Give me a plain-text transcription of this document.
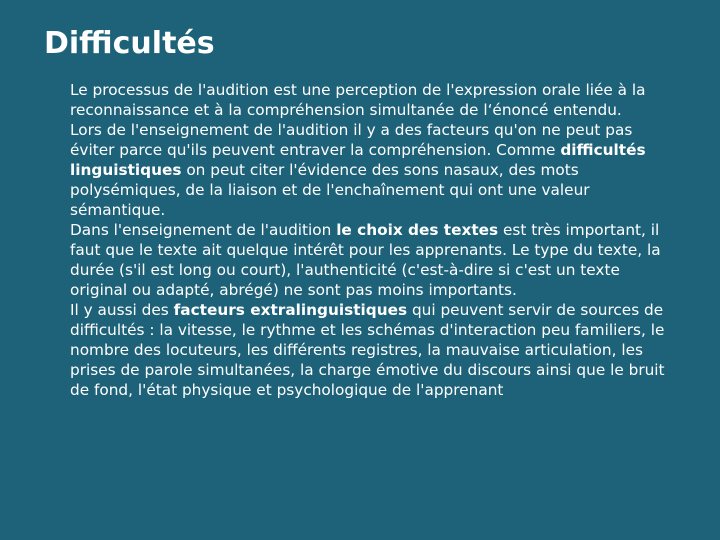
Difficultés

Le processus de l'audition est une perception de l'expression orale liée à la reconnaissance et à la compréhension simultanée de l‘énoncé entendu.

Lors de l'enseignement de l'audition il y a des facteurs qu'on ne peut pas éviter parce qu'ils peuvent entraver la compréhension. Comme difficultés linguistiques on peut citer l'évidence des sons nasaux, des mots polysémiques, de la liaison et de l'enchaînement qui ont une valeur sémantique.

Dans l'enseignement de l'audition le choix des textes est très important, il faut que le texte ait quelque intérêt pour les apprenants. Le type du texte, la durée (s'il est long ou court), l'authenticité (c'est-à-dire si c'est un texte original ou adapté, abrégé) ne sont pas moins importants.

Il y aussi des facteurs extralinguistiques qui peuvent servir de sources de difficultés : la vitesse, le rythme et les schémas d'interaction peu familiers, le nombre des locuteurs, les différents registres, la mauvaise articulation, les prises de parole simultanées, la charge émotive du discours ainsi que le bruit de fond, l'état physique et psychologique de l'apprenant
